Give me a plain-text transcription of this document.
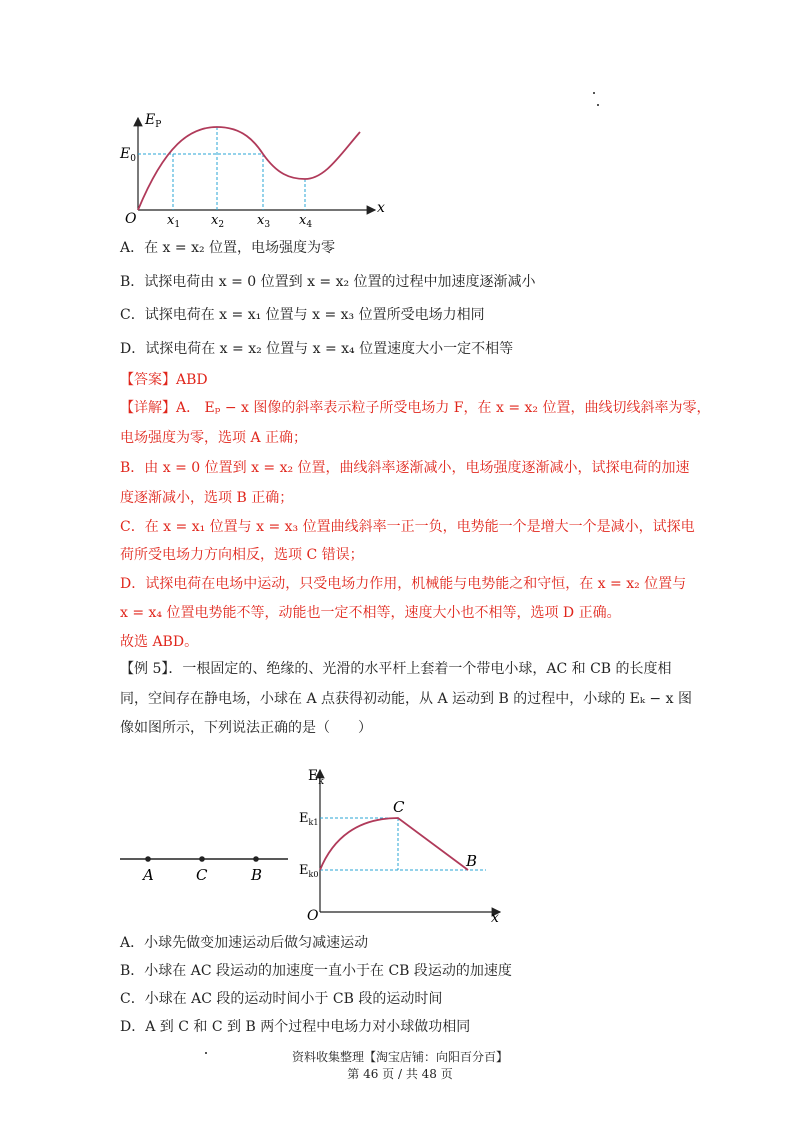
$E_P$
$E_0$
O
x
$x_1$ $x_2$	$x_3$ $x_4$
A．在 x = x₂ 位置，电场强度为零
B．试探电荷由 x = 0 位置到 x = x₂ 位置的过程中加速度逐渐减小
C．试探电荷在 x = x₁ 位置与 x = x₃ 位置所受电场力相同
D．试探电荷在 x = x₂ 位置与 x = x₄ 位置速度大小一定不相等
【答案】ABD
【详解】A． Eₚ − x 图像的斜率表示粒子所受电场力 F，在 x = x₂ 位置，曲线切线斜率为零，
电场强度为零，选项 A 正确；
B．由 x = 0 位置到 x = x₂ 位置，曲线斜率逐渐减小，电场强度逐渐减小，试探电荷的加速
度逐渐减小，选项 B 正确；
C．在 x = x₁ 位置与 x = x₃ 位置曲线斜率一正一负，电势能一个是增大一个是减小，试探电
荷所受电场力方向相反，选项 C 错误；
D．试探电荷在电场中运动，只受电场力作用，机械能与电势能之和守恒，在 x = x₂ 位置与
x = x₄ 位置电势能不等，动能也一定不相等，速度大小也不相等，选项 D 正确。
故选 ABD。
【例 5】．一根固定的、绝缘的、光滑的水平杆上套着一个带电小球，AC 和 CB 的长度相
同，空间存在静电场，小球在 A 点获得初动能，从 A 运动到 B 的过程中，小球的 Eₖ − x 图
像如图所示，下列说法正确的是（　　）
A	C	B
$E_k$
$E_{k1}$
$E_{k0}$
C
B
O	x
A．小球先做变加速运动后做匀减速运动
B．小球在 AC 段运动的加速度一直小于在 CB 段运动的加速度
C．小球在 AC 段的运动时间小于 CB 段的运动时间
D．A 到 C 和 C 到 B 两个过程中电场力对小球做功相同
资料收集整理【淘宝店铺：向阳百分百】
第 46 页 / 共 48 页
